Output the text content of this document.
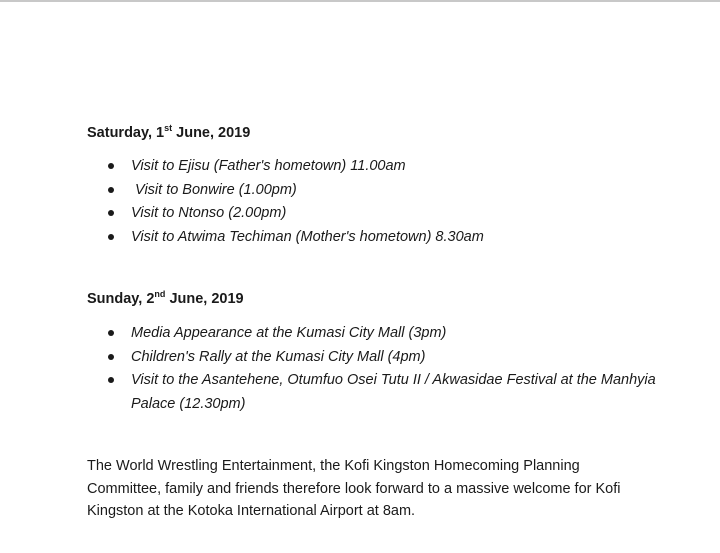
Saturday, 1st June, 2019
Visit to Ejisu (Father's hometown) 11.00am
Visit to Bonwire (1.00pm)
Visit to Ntonso (2.00pm)
Visit to Atwima Techiman (Mother's hometown) 8.30am
Sunday, 2nd June, 2019
Media Appearance at the Kumasi City Mall (3pm)
Children's Rally at the Kumasi City Mall (4pm)
Visit to the Asantehene, Otumfuo Osei Tutu II / Akwasidae Festival at the Manhyia Palace (12.30pm)

The World Wrestling Entertainment, the Kofi Kingston Homecoming Planning Committee, family and friends therefore look forward to a massive welcome for Kofi Kingston at the Kotoka International Airport at 8am.
